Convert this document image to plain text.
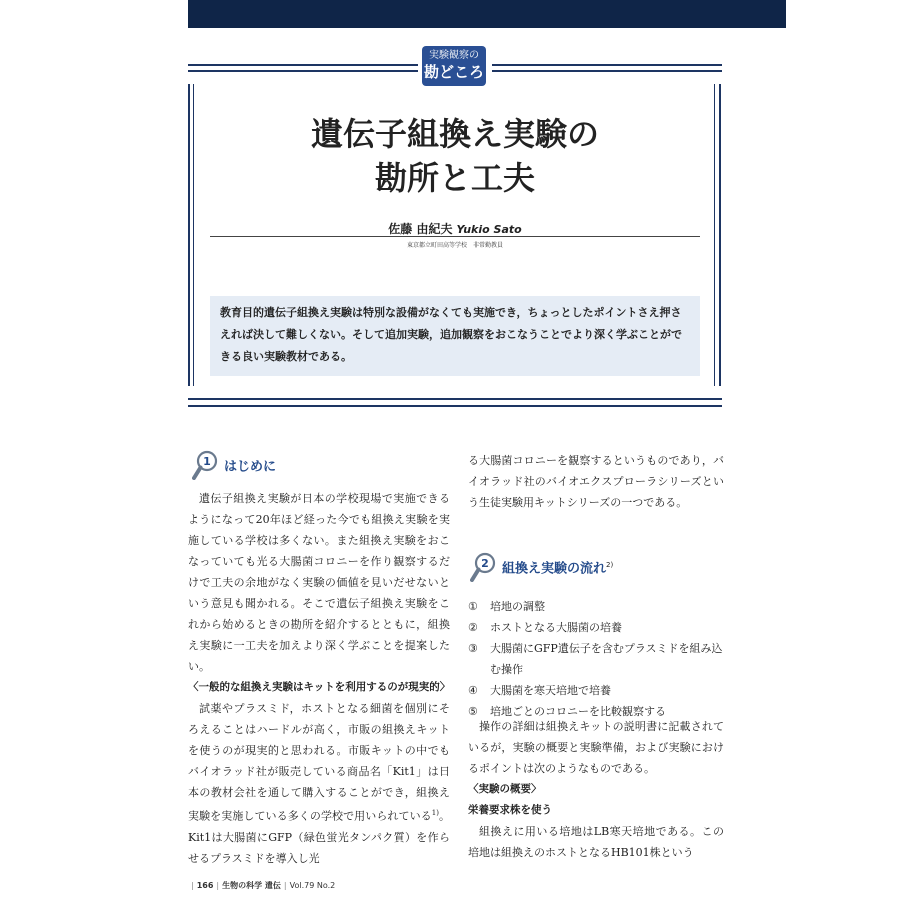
実験観察の
勘どころ
遺伝子組換え実験の
勘所と工夫
佐藤 由紀夫 Yukio Sato
東京都立町田高等学校　非常勤教員
教育目的遺伝子組換え実験は特別な設備がなくても実施でき，ちょっとしたポイントさえ押さえれば決して難しくない。そして追加実験，追加観察をおこなうことでより深く学ぶことができる良い実験教材である。
1 はじめに

遺伝子組換え実験が日本の学校現場で実施できるようになって20年ほど経った今でも組換え実験を実施している学校は多くない。また組換え実験をおこなっていても光る大腸菌コロニーを作り観察するだけで工夫の余地がなく実験の価値を見いだせないという意見も聞かれる。そこで遺伝子組換え実験をこれから始めるときの勘所を紹介するとともに，組換え実験に一工夫を加えより深く学ぶことを提案したい。

〈一般的な組換え実験はキットを利用するのが現実的〉

試薬やプラスミド，ホストとなる細菌を個別にそろえることはハードルが高く，市販の組換えキットを使うのが現実的と思われる。市販キットの中でもバイオラッド社が販売している商品名「Kit1」は日本の教材会社を通して購入することができ，組換え実験を実施している多くの学校で用いられている$^{1)}$。Kit1は大腸菌にGFP（緑色蛍光タンパク質）を作らせるプラスミドを導入し光

る大腸菌コロニーを観察するというものであり，バイオラッド社のバイオエクスプローラシリーズという生徒実験用キットシリーズの一つである。

2 組換え実験の流れ$^{2)}$
①	培地の調整
②	ホストとなる大腸菌の培養
③	大腸菌にGFP遺伝子を含むプラスミドを組み込む操作
④	大腸菌を寒天培地で培養
⑤	培地ごとのコロニーを比較観察する

操作の詳細は組換えキットの説明書に記載されているが，実験の概要と実験準備，および実験におけるポイントは次のようなものである。

〈実験の概要〉

栄養要求株を使う

組換えに用いる培地はLB寒天培地である。この培地は組換えのホストとなるHB101株という

| 166 | 生物の科学 遺伝 | Vol.79 No.2
